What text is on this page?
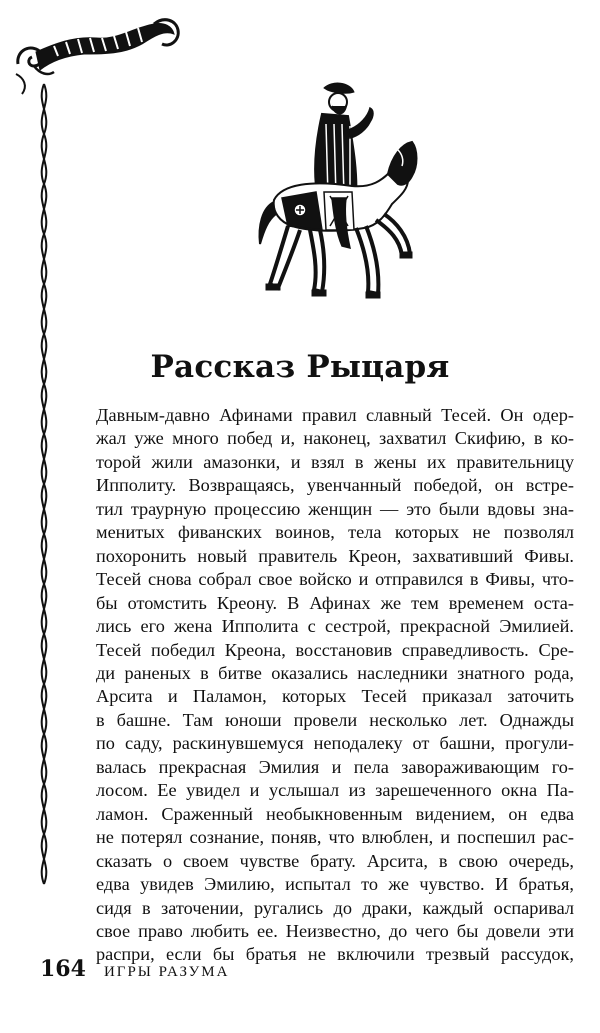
Рассказ Рыцаря
Давным-давно Афинами правил славный Тесей. Он одер-
жал уже много побед и, наконец, захватил Скифию, в ко-
торой жили амазонки, и взял в жены их правительницу
Ипполиту. Возвращаясь, увенчанный победой, он встре-
тил траурную процессию женщин — это были вдовы зна-
менитых фиванских воинов, тела которых не позволял
похоронить новый правитель Креон, захвативший Фивы.
Тесей снова собрал свое войско и отправился в Фивы, что-
бы отомстить Креону. В Афинах же тем временем оста-
лись его жена Ипполита с сестрой, прекрасной Эмилией.
Тесей победил Креона, восстановив справедливость. Сре-
ди раненых в битве оказались наследники знатного рода,
Арсита и Паламон, которых Тесей приказал заточить
в башне. Там юноши провели несколько лет. Однажды
по саду, раскинувшемуся неподалеку от башни, прогули-
валась прекрасная Эмилия и пела завораживающим го-
лосом. Ее увидел и услышал из зарешеченного окна Па-
ламон. Сраженный необыкновенным видением, он едва
не потерял сознание, поняв, что влюблен, и поспешил рас-
сказать о своем чувстве брату. Арсита, в свою очередь,
едва увидев Эмилию, испытал то же чувство. И братья,
сидя в заточении, ругались до драки, каждый оспаривал
свое право любить ее. Неизвестно, до чего бы довели эти
распри, если бы братья не включили трезвый рассудок,
164 ИГРЫ РАЗУМА
